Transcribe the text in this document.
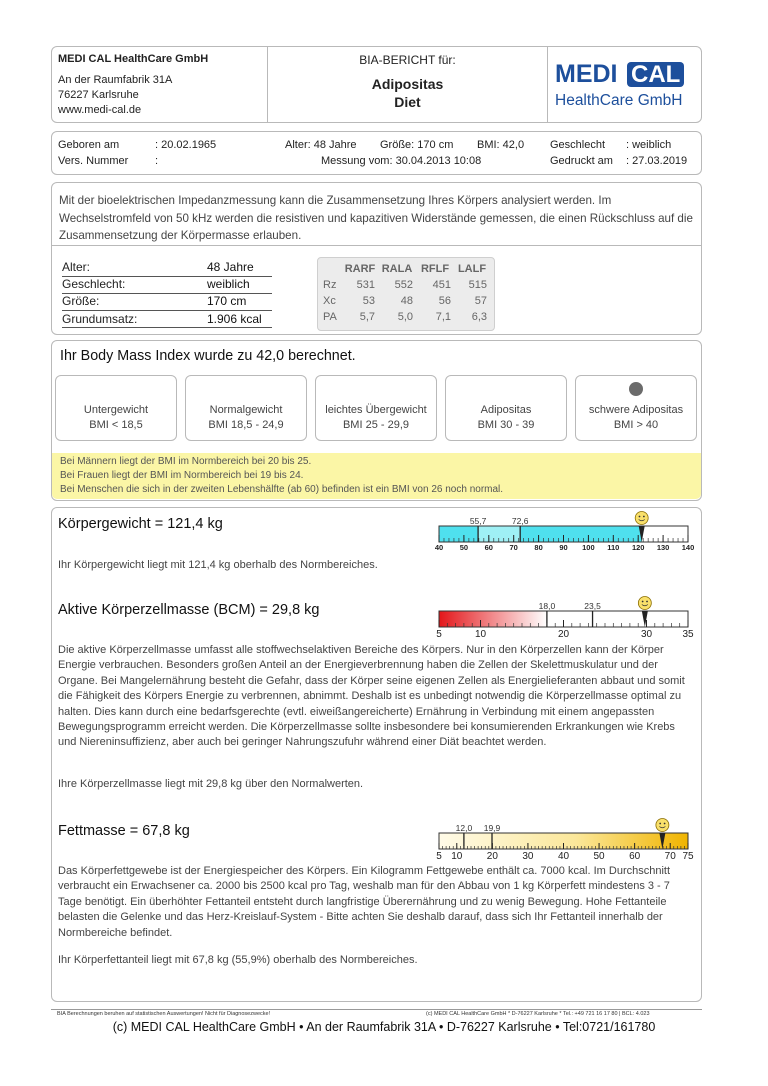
MEDI CAL HealthCare GmbH
An der Raumfabrik 31A
76227 Karlsruhe
www.medi-cal.de
BIA-BERICHT für:
Adipositas
Diet
MEDI CAL
HealthCare GmbH
Geboren am	: 20.02.1965
Vers. Nummer :
Alter: 48 Jahre Größe: 170 cm BMI: 42,0
Messung vom: 30.04.2013 10:08
Geschlecht : weiblich
Gedruckt am : 27.03.2019
Mit der bioelektrischen Impedanzmessung kann die Zusammensetzung Ihres Körpers analysiert werden. Im Wechselstromfeld von 50 kHz werden die resistiven und kapazitiven Widerstände gemessen, die einen Rückschluss auf die Zusammensetzung der Körpermasse erlauben.
Alter:	48 Jahre
Geschlecht:	weiblich
Größe:	170 cm
Grundumsatz:	1.906 kcal
RARF RALA RFLF LALF
Rz	531	552	451	515
Xc	53	48	56	57
PA	5,7	5,0	7,1	6,3
Ihr Body Mass Index wurde zu 42,0 berechnet.
Untergewicht
BMI < 18,5
Normalgewicht
BMI 18,5 - 24,9
leichtes Übergewicht
BMI 25 - 29,9
Adipositas
BMI 30 - 39
schwere Adipositas
BMI > 40
Bei Männern liegt der BMI im Normbereich bei 20 bis 25.
Bei Frauen liegt der BMI im Normbereich bei 19 bis 24.
Bei Menschen die sich in der zweiten Lebenshälfte (ab 60) befinden ist ein BMI von 26 noch normal.
Körpergewicht = 121,4 kg	55,7	72,6
40 50 60 70 80 90 100 110 120 130 140
Ihr Körpergewicht liegt mit 121,4 kg oberhalb des Normbereiches.
Aktive Körperzellmasse (BCM) = 29,8 kg	18,0	23,5
5	10	20	30	35
Die aktive Körperzellmasse umfasst alle stoffwechselaktiven Bereiche des Körpers. Nur in den Körperzellen kann der Körper Energie verbrauchen. Besonders großen Anteil an der Energieverbrennung haben die Zellen der Skelettmuskulatur und der Organe. Bei Mangelernährung besteht die Gefahr, dass der Körper seine eigenen Zellen als Energielieferanten abbaut und somit die Fähigkeit des Körpers Energie zu verbrennen, abnimmt. Deshalb ist es unbedingt notwendig die Körperzellmasse optimal zu halten. Dies kann durch eine bedarfsgerechte (evtl. eiweißangereicherte) Ernährung in Verbindung mit einem angepassten Bewegungsprogramm erreicht werden. Die Körperzellmasse sollte insbesondere bei konsumierenden Erkrankungen wie Krebs und Niereninsuffizienz, aber auch bei geringer Nahrungszufuhr während einer Diät beachtet werden.
Ihre Körperzellmasse liegt mit 29,8 kg über den Normalwerten.
Fettmasse = 67,8 kg	12,0 19,9
5 10 20 30 40 50 60 70 75
Das Körperfettgewebe ist der Energiespeicher des Körpers. Ein Kilogramm Fettgewebe enthält ca. 7000 kcal. Im Durchschnitt verbraucht ein Erwachsener ca. 2000 bis 2500 kcal pro Tag, weshalb man für den Abbau von 1 kg Körperfett mindestens 3 - 7 Tage benötigt. Ein überhöhter Fettanteil entsteht durch langfristige Überernährung und zu wenig Bewegung. Hohe Fettanteile belasten die Gelenke und das Herz-Kreislauf-System - Bitte achten Sie deshalb darauf, dass sich Ihr Fettanteil innerhalb der Normbereiche befindet.
Ihr Körperfettanteil liegt mit 67,8 kg (55,9%) oberhalb des Normbereiches.
BIA Berechnungen beruhen auf statistischen Auswertungen! Nicht für Diagnosezwecke!	(c) MEDI CAL HealthCare GmbH * D-76227 Karlsruhe * Tel.: +49 721 16 17 80 | BCL: 4.023
(c) MEDI CAL HealthCare GmbH • An der Raumfabrik 31A • D-76227 Karlsruhe • Tel:0721/161780
